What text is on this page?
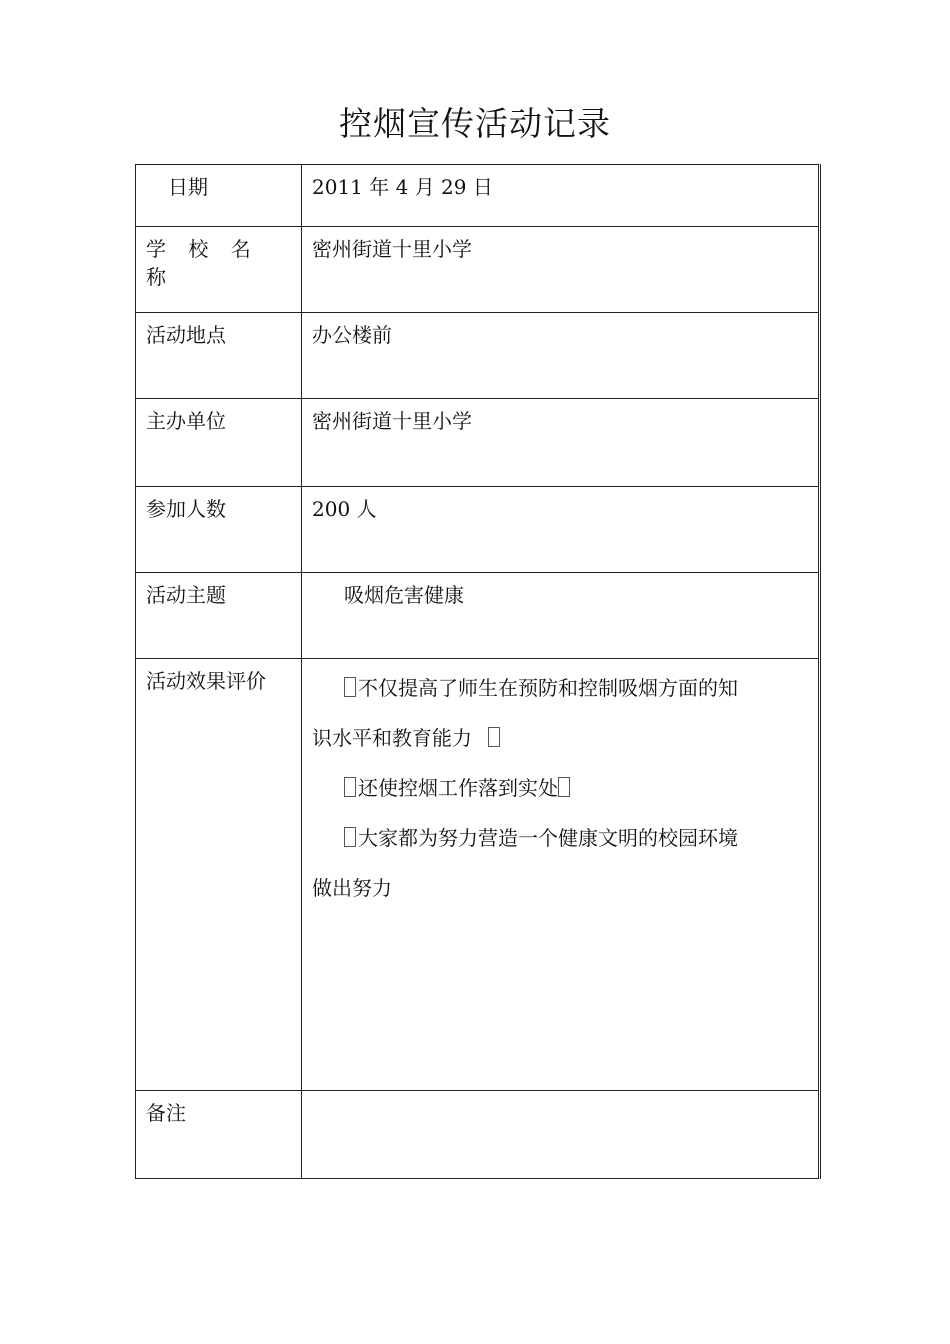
控烟宣传活动记录
日期	2011 年 4 月 29 日
学 校 名 称	密州街道十里小学
活动地点	办公楼前
主办单位	密州街道十里小学
参加人数	200 人
活动主题	吸烟危害健康
活动效果评价	不仅提高了师生在预防和控制吸烟方面的知
识水平和教育能力
还使控烟工作落到实处
大家都为努力营造一个健康文明的校园环境
做出努力

备注	
